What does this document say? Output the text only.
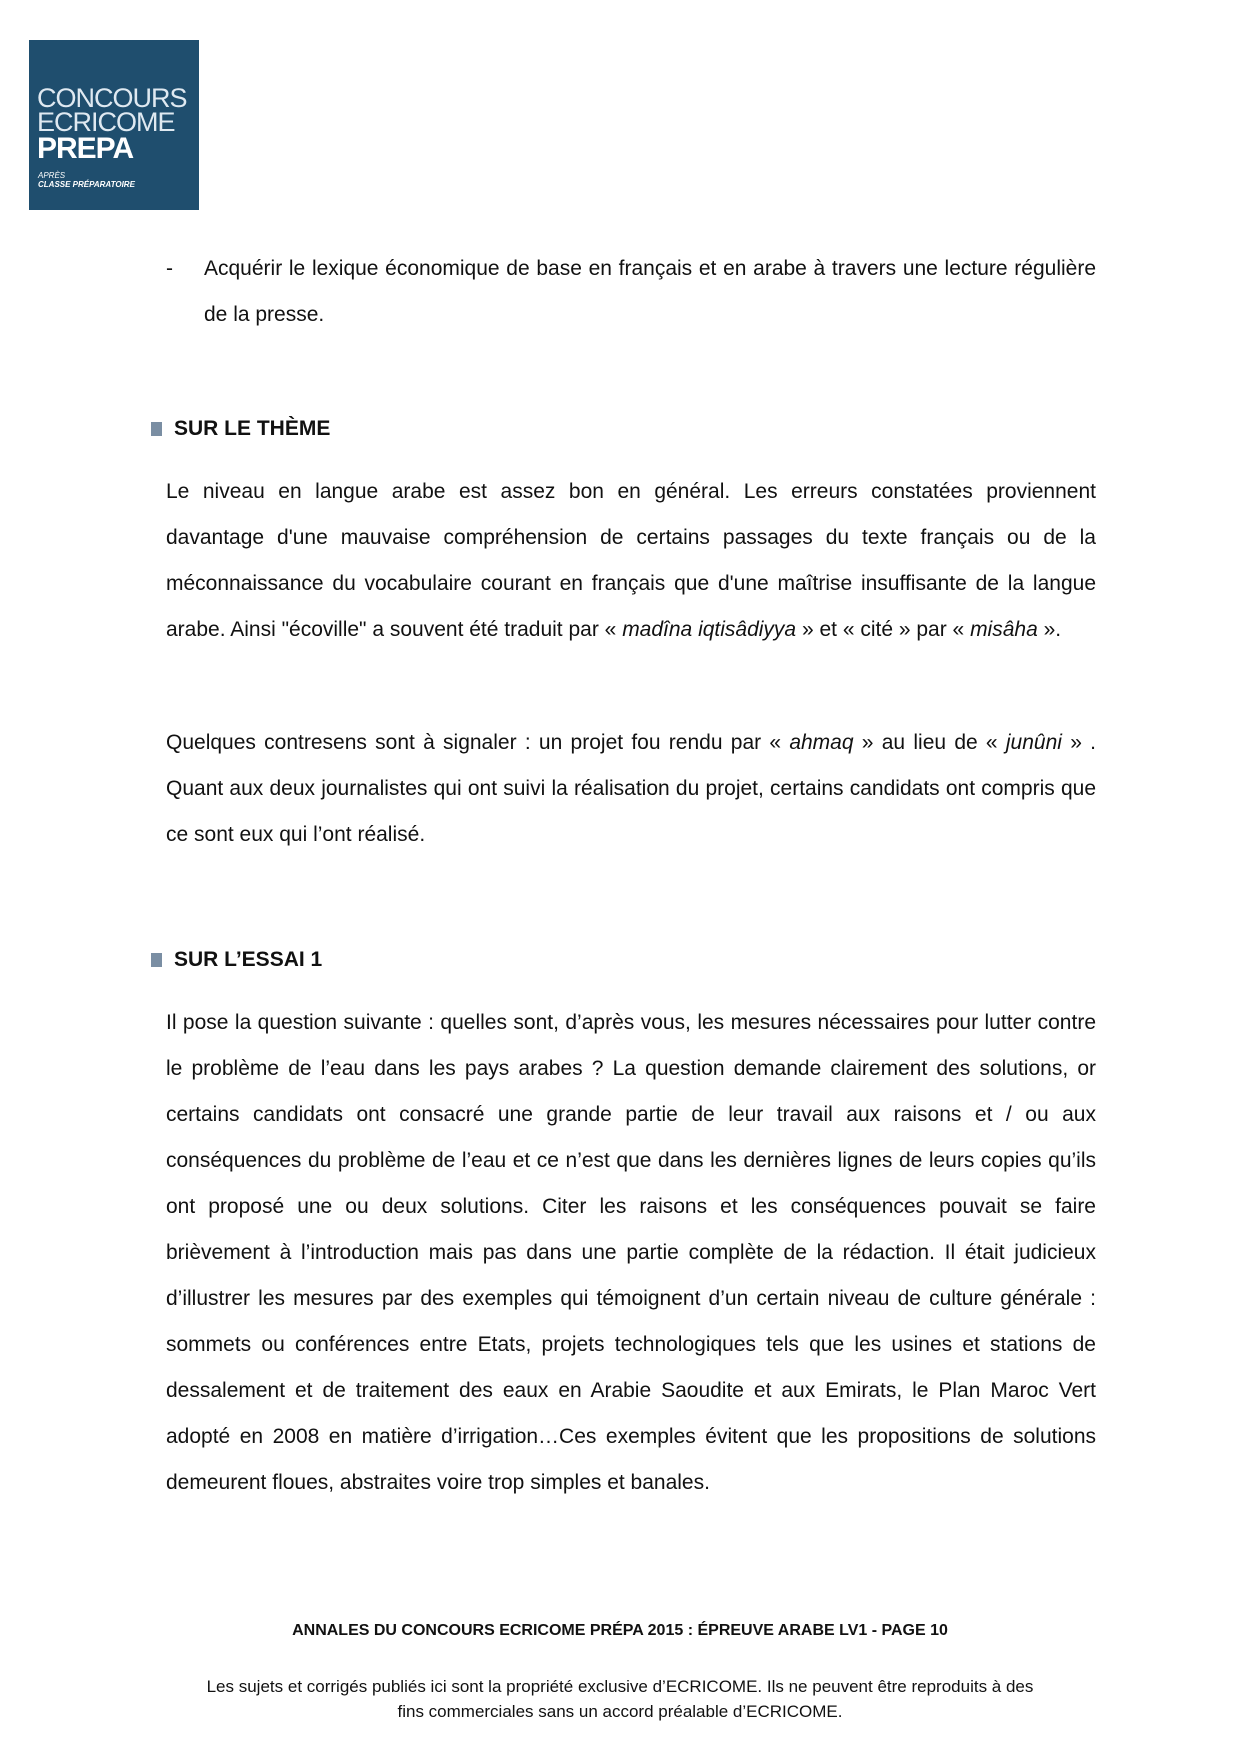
CONCOURS
ECRICOME
PREPA
APRÈS
CLASSE PRÉPARATOIRE
- Acquérir le lexique économique de base en français et en arabe à travers une lecture régulière de la presse.
SUR LE THÈME

Le niveau en langue arabe est assez bon en général. Les erreurs constatées proviennent davantage d'une mauvaise compréhension de certains passages du texte français ou de la méconnaissance du vocabulaire courant en français que d'une maîtrise insuffisante de la langue arabe. Ainsi "écoville" a souvent été traduit par « madîna iqtisâdiyya » et « cité » par « misâha ».

Quelques contresens sont à signaler : un projet fou rendu par « ahmaq » au lieu de « junûni » . Quant aux deux journalistes qui ont suivi la réalisation du projet, certains candidats ont compris que ce sont eux qui l’ont réalisé.

SUR L’ESSAI 1

Il pose la question suivante : quelles sont, d’après vous, les mesures nécessaires pour lutter contre le problème de l’eau dans les pays arabes ? La question demande clairement des solutions, or certains candidats ont consacré une grande partie de leur travail aux raisons et / ou aux conséquences du problème de l’eau et ce n’est que dans les dernières lignes de leurs copies qu’ils ont proposé une ou deux solutions. Citer les raisons et les conséquences pouvait se faire brièvement à l’introduction mais pas dans une partie complète de la rédaction. Il était judicieux d’illustrer les mesures par des exemples qui témoignent d’un certain niveau de culture générale : sommets ou conférences entre Etats, projets technologiques tels que les usines et stations de dessalement et de traitement des eaux en Arabie Saoudite et aux Emirats, le Plan Maroc Vert adopté en 2008 en matière d’irrigation…Ces exemples évitent que les propositions de solutions demeurent floues, abstraites voire trop simples et banales.

ANNALES DU CONCOURS ECRICOME PRÉPA 2015 : ÉPREUVE ARABE LV1 - PAGE 10
Les sujets et corrigés publiés ici sont la propriété exclusive d’ECRICOME. Ils ne peuvent être reproduits à des
fins commerciales sans un accord préalable d’ECRICOME.
